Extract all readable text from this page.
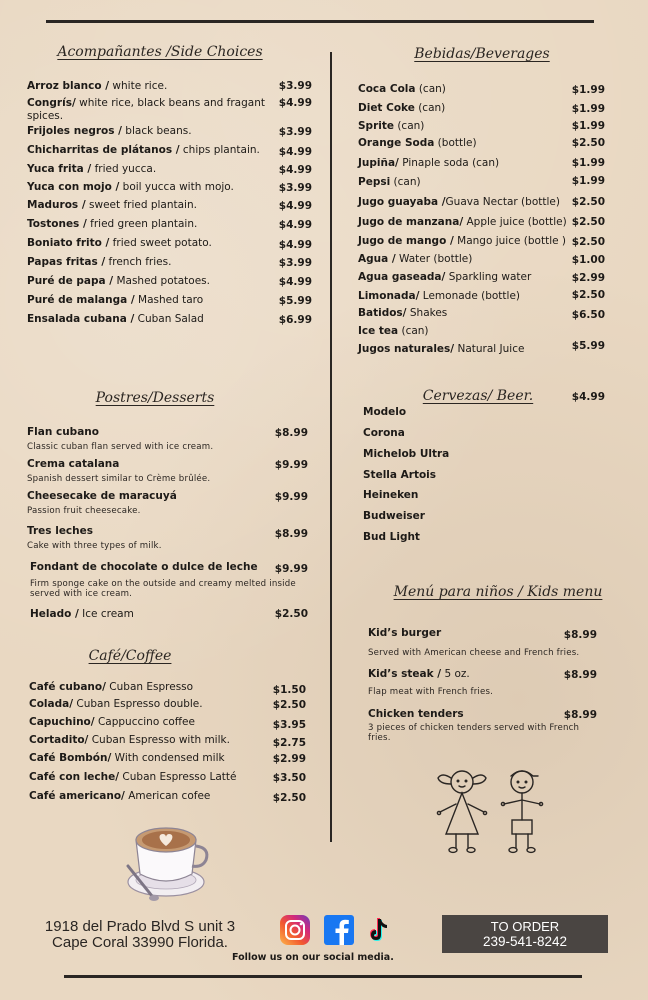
Acompañantes /Side Choices
Arroz blanco / white rice.	$3.99
Congrís/ white rice, black beans and fragant spices.
$4.99
Frijoles negros / black beans.	$3.99
Chicharritas de plátanos / chips plantain.	$4.99
Yuca frita / fried yucca.	$4.99
Yuca con mojo / boil yucca with mojo.	$3.99
Maduros / sweet fried plantain.	$4.99
Tostones / fried green plantain.	$4.99
Boniato frito / fried sweet potato.	$4.99
Papas fritas / french fries.	$3.99
Puré de papa / Mashed potatoes.	$4.99
Puré de malanga / Mashed taro	$5.99
Ensalada cubana / Cuban Salad	$6.99
Postres/Desserts
Flan cubano	$8.99
Classic cuban flan served with ice cream.
Crema catalana	$9.99
Spanish dessert similar to Crème brûlée.
Cheesecake de maracuyá	$9.99
Passion fruit cheesecake.
Tres leches	$8.99
Cake with three types of milk.
Fondant de chocolate o dulce de leche	$9.99
Firm sponge cake on the outside and creamy melted inside served with ice cream.
Helado / Ice cream	$2.50
Café/Coffee
Café cubano/ Cuban Espresso	$1.50
Colada/ Cuban Espresso double.	$2.50
Capuchino/ Cappuccino coffee	$3.95
Cortadito/ Cuban Espresso with milk.	$2.75
Café Bombón/ With condensed milk	$2.99
Café con leche/ Cuban Espresso Latté	$3.50
Café americano/ American cofee	$2.50
Bebidas/Beverages
Coca Cola (can)	$1.99
Diet Coke (can)	$1.99
Sprite (can)	$1.99
Orange Soda (bottle)	$2.50
Jupiña/ Pinaple soda (can)	$1.99
Pepsi (can)	$1.99
Jugo guayaba /Guava Nectar (bottle)	$2.50
Jugo de manzana/ Apple juice (bottle) $2.50
Jugo de mango / Mango juice (bottle ) $2.50
Agua / Water (bottle)	$1.00
Agua gaseada/ Sparkling water	$2.99
Limonada/ Lemonade (bottle)	$2.50
Batidos/ Shakes	$6.50
Ice tea (can)
Jugos naturales/ Natural Juice	$5.99
Cervezas/ Beer.	$4.99
Modelo
Corona
Michelob Ultra
Stella Artois
Heineken
Budweiser
Bud Light
Menú para niños / Kids menu
Kid’s burger	$8.99
Served with American cheese and French fries.
Kid’s steak / 5 oz.	$8.99
Flap meat with French fries.
Chicken tenders	$8.99
3 pieces of chicken tenders served with French fries.
1918 del Prado Blvd S unit 3
Cape Coral 33990 Florida.
Follow us on our social media.
TO ORDER
239-541-8242
